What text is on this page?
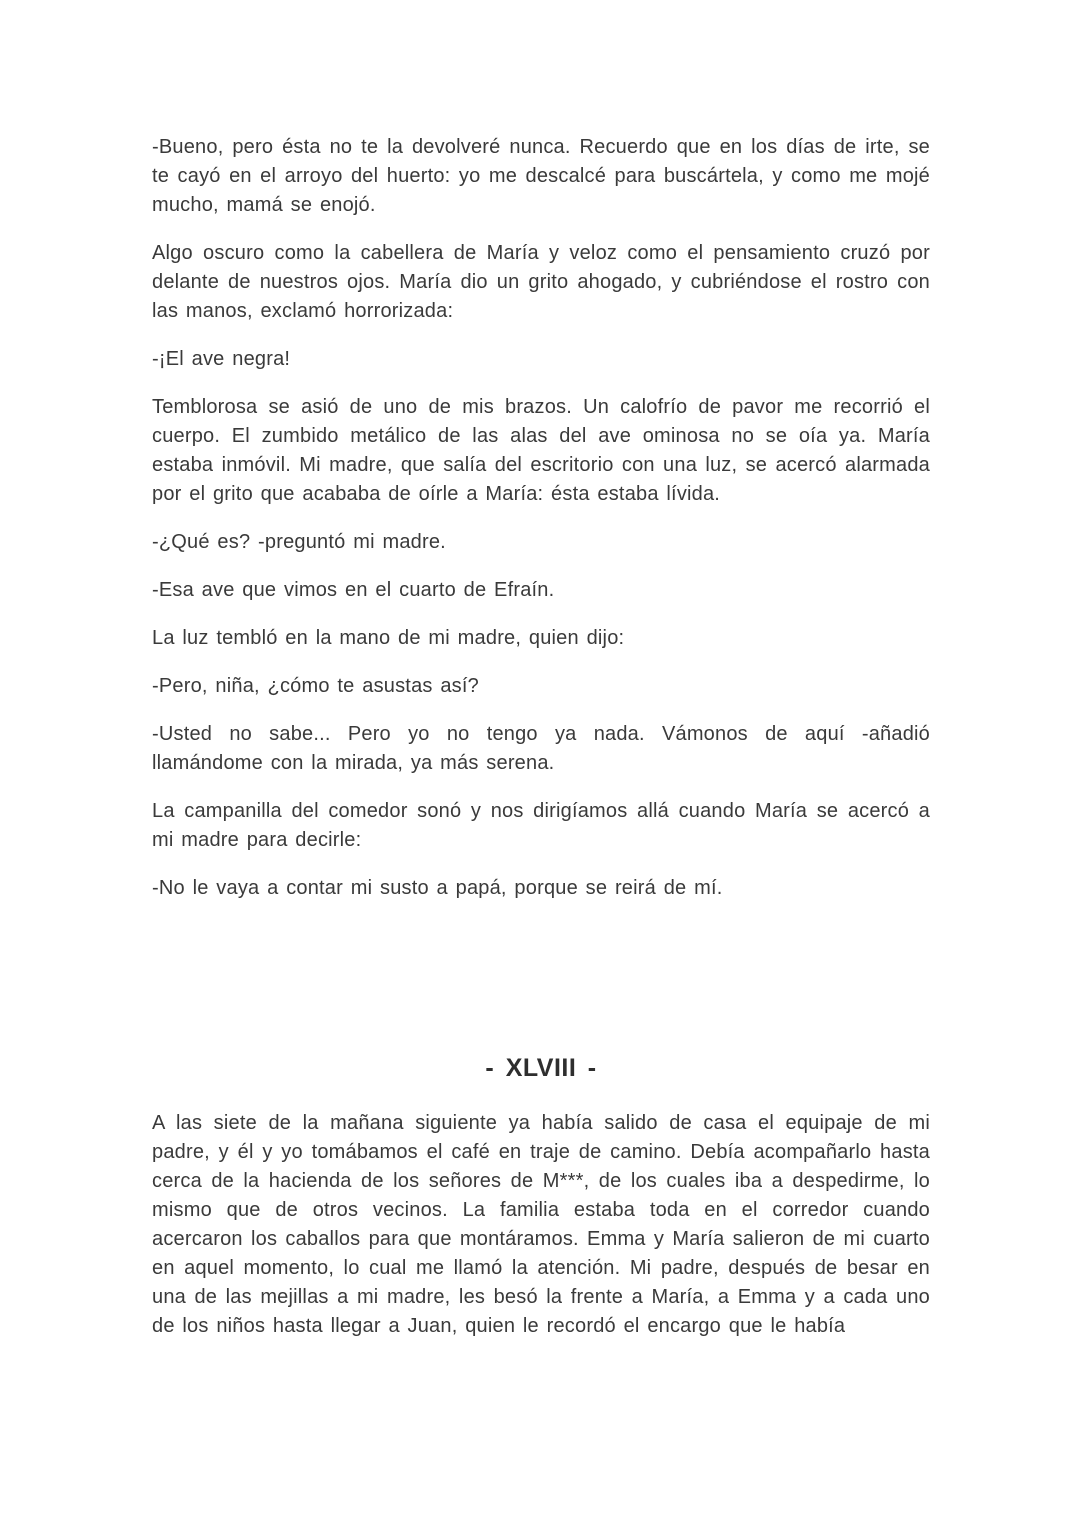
-Bueno, pero ésta no te la devolveré nunca. Recuerdo que en los días de irte, se te cayó en el arroyo del huerto: yo me descalcé para buscártela, y como me mojé mucho, mamá se enojó.

Algo oscuro como la cabellera de María y veloz como el pensamiento cruzó por delante de nuestros ojos. María dio un grito ahogado, y cubriéndose el rostro con las manos, exclamó horrorizada:

-¡El ave negra!

Temblorosa se asió de uno de mis brazos. Un calofrío de pavor me recorrió el cuerpo. El zumbido metálico de las alas del ave ominosa no se oía ya. María estaba inmóvil. Mi madre, que salía del escritorio con una luz, se acercó alarmada por el grito que acababa de oírle a María: ésta estaba lívida.

-¿Qué es? -preguntó mi madre.

-Esa ave que vimos en el cuarto de Efraín.

La luz tembló en la mano de mi madre, quien dijo:

-Pero, niña, ¿cómo te asustas así?

-Usted no sabe... Pero yo no tengo ya nada. Vámonos de aquí -añadió llamándome con la mirada, ya más serena.

La campanilla del comedor sonó y nos dirigíamos allá cuando María se acercó a mi madre para decirle:

-No le vaya a contar mi susto a papá, porque se reirá de mí.

- XLVIII -

A las siete de la mañana siguiente ya había salido de casa el equipaje de mi padre, y él y yo tomábamos el café en traje de camino. Debía acompañarlo hasta cerca de la hacienda de los señores de M***, de los cuales iba a despedirme, lo mismo que de otros vecinos. La familia estaba toda en el corredor cuando acercaron los caballos para que montáramos. Emma y María salieron de mi cuarto en aquel momento, lo cual me llamó la atención. Mi padre, después de besar en una de las mejillas a mi madre, les besó la frente a María, a Emma y a cada uno de los niños hasta llegar a Juan, quien le recordó el encargo que le había
